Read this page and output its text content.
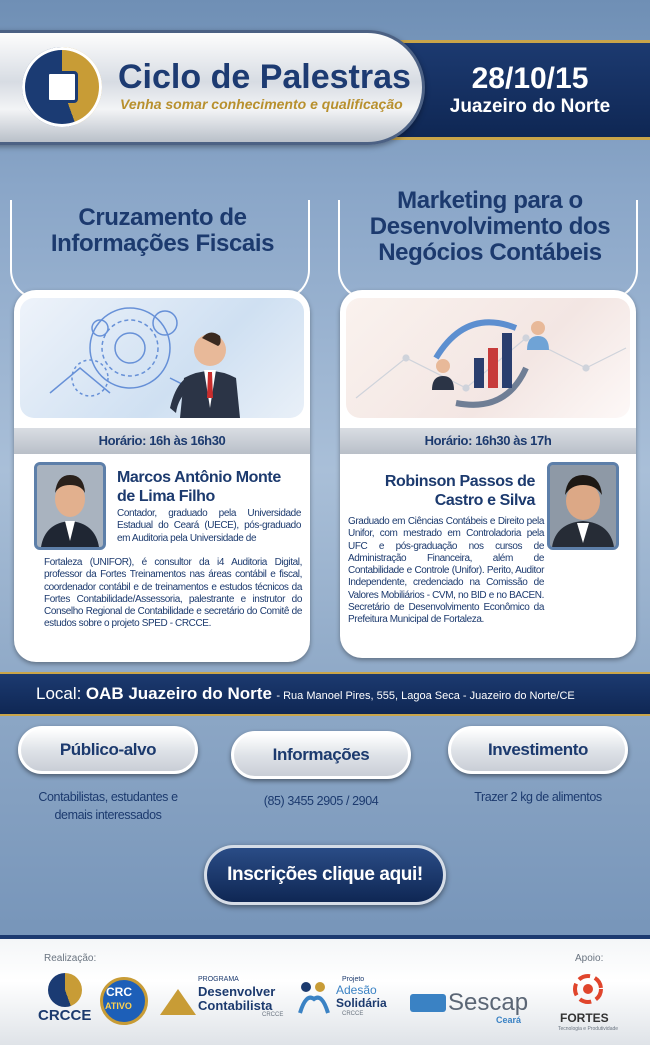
28/10/15
Juazeiro do Norte
Ciclo de Palestras
Venha somar conhecimento e qualificação
Cruzamento de
Informações Fiscais
Horário: 16h às 16h30
Marcos Antônio Monte
de Lima Filho
Contador, graduado pela Universidade Estadual do Ceará (UECE), pós-graduado em Auditoria pela Universidade de
Fortaleza (UNIFOR), é consultor da i4 Auditoria Digital, professor da Fortes Treinamentos nas áreas contábil e fiscal, coordenador contábil e de treinamentos e estudos técnicos da Fortes Contabilidade/Assessoria, palestrante e instrutor do Conselho Regional de Contabilidade e secretário do Comitê de estudos sobre o projeto SPED - CRCCE.
Marketing para o
Desenvolvimento dos
Negócios Contábeis
Horário: 16h30 às 17h
Robinson Passos de
Castro e Silva
Graduado em Ciências Contábeis e Direito pela Unifor, com mestrado em Controladoria pela UFC e pós-graduação nos cursos de Administração Financeira, além de Contabilidade e Controle (Unifor). Perito, Auditor Independente, credenciado na Comissão de Valores Mobiliários - CVM, no BID e no BACEN. Secretário de Desenvolvimento Econômico da Prefeitura Municipal de Fortaleza.
Local: OAB Juazeiro do Norte - Rua Manoel Pires, 555, Lagoa Seca - Juazeiro do Norte/CE
Público-alvo
Contabilistas, estudantes e demais interessados
Informações
(85) 3455 2905 / 2904
Investimento
Trazer 2 kg de alimentos
Inscrições clique aqui!
Realização:	Apoio:
CRCCE
CRC
ATIVO
PROGRAMA
Desenvolver
Contabilista
CRCCE
Projeto
Adesão
Solidária
CRCCE	Sescap
Ceará	FORTES
Tecnologia e Produtividade
